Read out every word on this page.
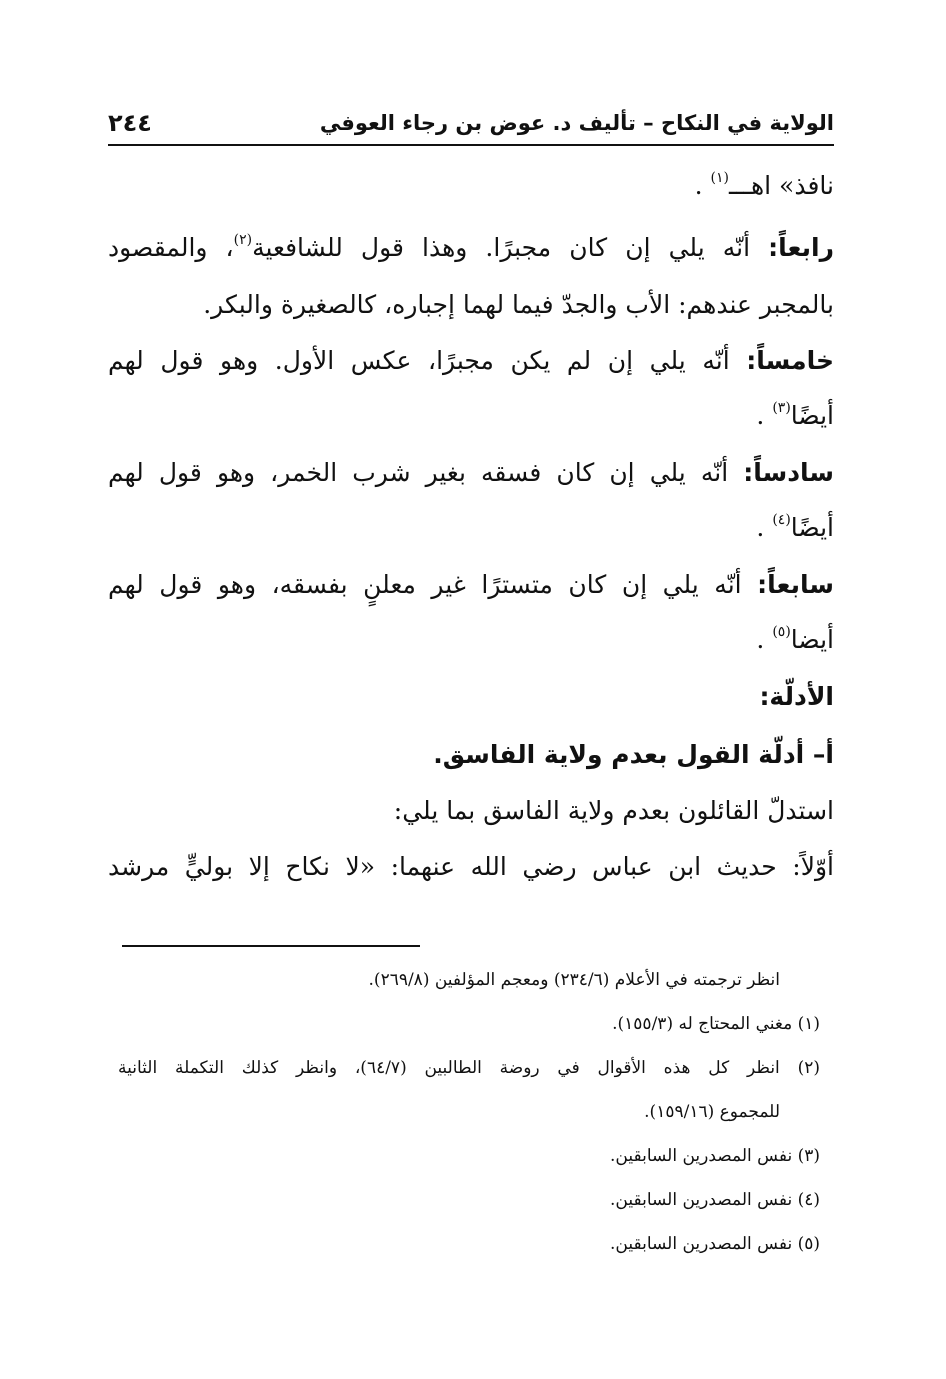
الولاية في النكاح – تأليف د. عوض بن رجاء العوفي
٢٤٤
نافذ» اهـــ$^{(١)}$ .
رابعاً: أنّه يلي إن كان مجبرًا. وهذا قول للشافعية$^{(٢)}$، والمقصود
بالمجبر عندهم: الأب والجدّ فيما لهما إجباره، كالصغيرة والبكر.
خامساً: أنّه يلي إن لم يكن مجبرًا، عكس الأول. وهو قول لهم
أيضًا$^{(٣)}$ .
سادساً: أنّه يلي إن كان فسقه بغير شرب الخمر، وهو قول لهم
أيضًا$^{(٤)}$ .
سابعاً: أنّه يلي إن كان متسترًا غير معلنٍ بفسقه، وهو قول لهم
أيضا$^{(٥)}$ .
الأدلّة:
أ– أدلّة القول بعدم ولاية الفاسق.
استدلّ القائلون بعدم ولاية الفاسق بما يلي:
أوّلاً: حديث ابن عباس رضي الله عنهما: «لا نكاح إلا بوليٍّ مرشد
انظر ترجمته في الأعلام (٢٣٤/٦) ومعجم المؤلفين (٢٦٩/٨).
(١) مغني المحتاج له (١٥٥/٣).
(٢) انظر كل هذه الأقوال في روضة الطالبين (٦٤/٧)، وانظر كذلك التكملة الثانية
للمجموع (١٥٩/١٦).
(٣) نفس المصدرين السابقين.
(٤) نفس المصدرين السابقين.
(٥) نفس المصدرين السابقين.
